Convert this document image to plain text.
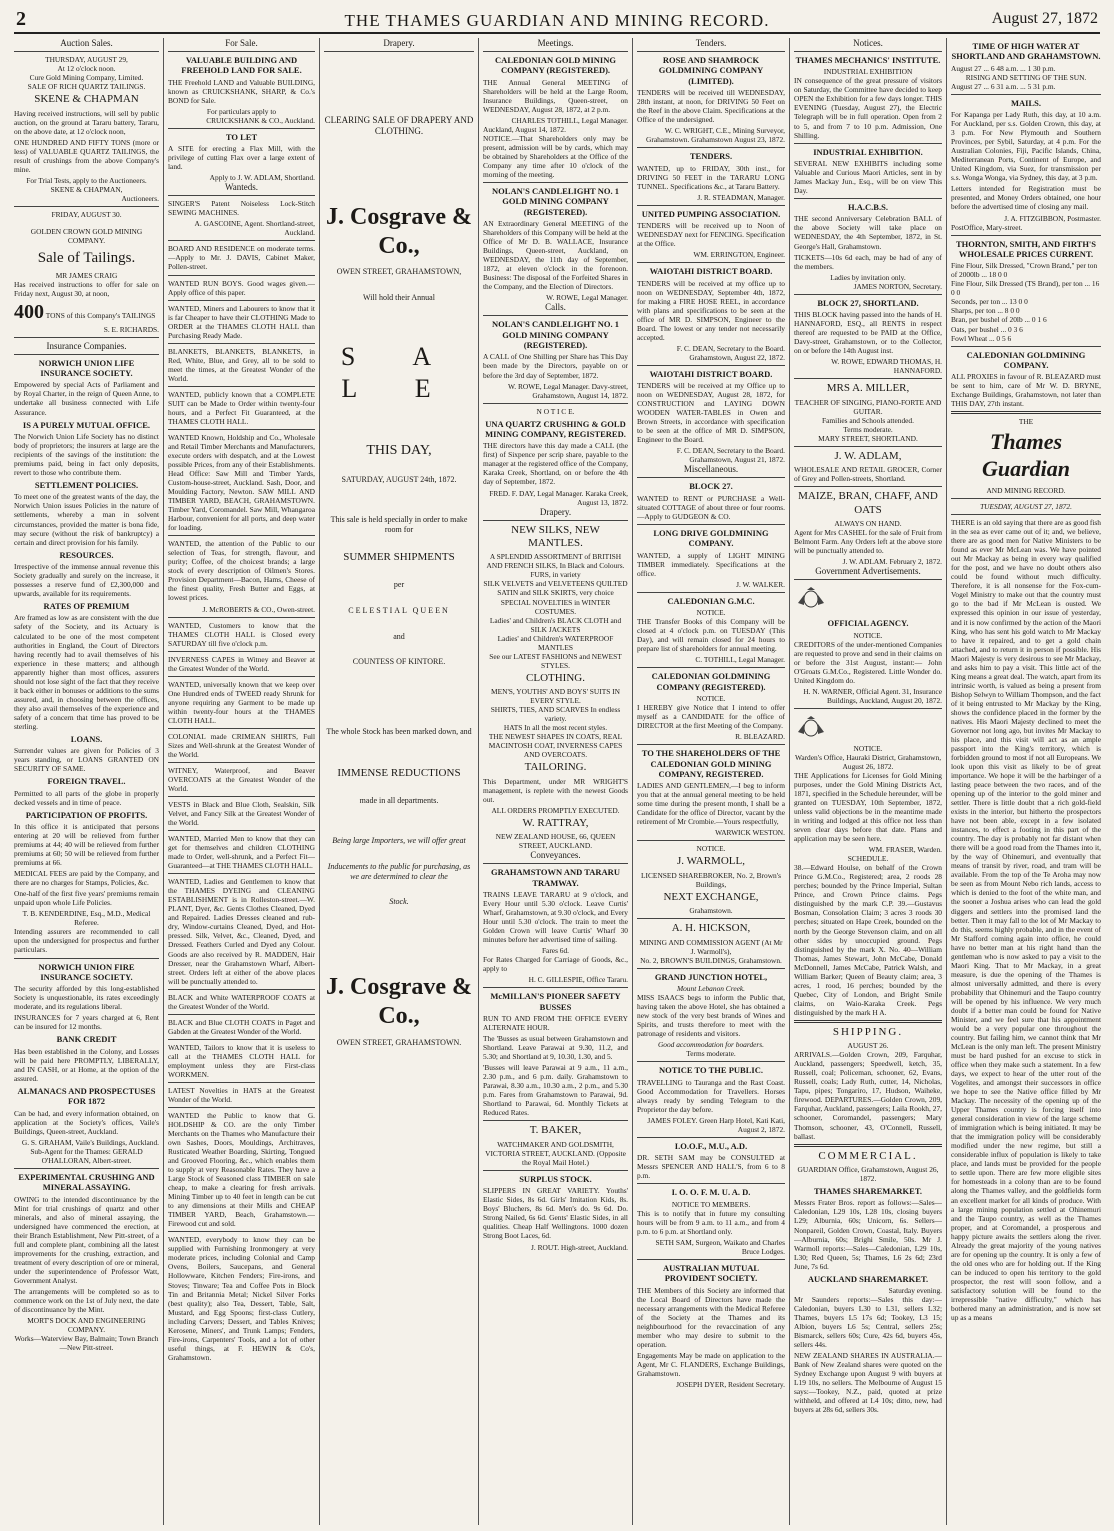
2	THE THAMES GUARDIAN AND MINING RECORD.	August 27, 1872
Auction Sales.
THURSDAY, AUGUST 29,
At 12 o'clock noon.
Cure Gold Mining Company, Limited.
SALE OF RICH QUARTZ TAILINGS.
SKENE & CHAPMAN

Having received instructions, will sell by public auction, on the ground at Tararu battery, Tararu, on the above date, at 12 o'clock noon,

ONE HUNDRED AND FIFTY TONS (more or less) of VALUABLE QUARTZ TAILINGS, the result of crushings from the above Company's mine.

For Trial Tests, apply to the Auctioneers.
SKENE & CHAPMAN,
Auctioneers.
FRIDAY, AUGUST 30.
GOLDEN CROWN GOLD MINING COMPANY.
Sale of Tailings.
MR JAMES CRAIG

Has received instructions to offer for sale on Friday next, August 30, at noon,

400 TONS of this Company's TAILINGS
S. E. RICHARDS.
Insurance Companies.
NORWICH UNION LIFE INSURANCE SOCIETY.

Empowered by special Acts of Parliament and by Royal Charter, in the reign of Queen Anne, to undertake all business connected with Life Assurance.

IS A PURELY MUTUAL OFFICE.

The Norwich Union Life Society has no distinct body of proprietors; the insurers at large are the recipients of the savings of the institution: the premiums paid, being in fact only deposits, revert to those who contribute them.

SETTLEMENT POLICIES.

To meet one of the greatest wants of the day, the Norwich Union issues Policies in the nature of settlements, whereby a man in solvent circumstances, provided the matter is bona fide, may secure (without the risk of bankruptcy) a certain and direct provision for his family.

RESOURCES.

Irrespective of the immense annual revenue this Society gradually and surely on the increase, it possesses a reserve fund of £2,300,000 and upwards, available for its requirements.

RATES OF PREMIUM

Are framed as low as are consistent with the due safety of the Society, and its Actuary is calculated to be one of the most competent authorities in England, the Court of Directors having recently had to avail themselves of his experience in these matters; and although apparently higher than most offices, assurers should not lose sight of the fact that they receive it back either in bonuses or additions to the sums assured, and, in choosing between the offices, they also avail themselves of the experience and safety of a concern that time has proved to be sterling.

LOANS.

Surrender values are given for Policies of 3 years standing, or LOANS GRANTED ON SECURITY OF SAME.

FOREIGN TRAVEL.

Permitted to all parts of the globe in properly decked vessels and in time of peace.

PARTICIPATION OF PROFITS.

In this office it is anticipated that persons entering at 20 will be relieved from further premiums at 44; 40 will be relieved from further premiums at 60; 50 will be relieved from further premiums at 66.

MEDICAL FEES are paid by the Company, and there are no charges for Stamps, Policies, &c.

One-half of the first five years' premiums remain unpaid upon whole Life Policies.

T. B. KENDERDINE, Esq., M.D., Medical Referee.

Intending assurers are recommended to call upon the undersigned for prospectus and further particulars.

NORWICH UNION FIRE INSURANCE SOCIETY.

The security afforded by this long-established Society is unquestionable, its rates exceedingly moderate, and its regulations liberal.

INSURANCES for 7 years charged at 6, Rent can be insured for 12 months.

BANK CREDIT

Has been established in the Colony, and Losses will be paid here PROMPTLY, LIBERALLY, and IN CASH, or at Home, at the option of the assured.

ALMANACS AND PROSPECTUSES FOR 1872

Can be had, and every information obtained, on application at the Society's offices, Vaile's Buildings, Queen-street, Auckland.

G. S. GRAHAM, Vaile's Buildings, Auckland.
Sub-Agent for the Thames: GERALD O'HALLORAN, Albert-street.
EXPERIMENTAL CRUSHING AND MINERAL ASSAYING.

OWING to the intended discontinuance by the Mint for trial crushings of quartz and other minerals, and also of mineral assaying, the undersigned have commenced the erection, at their Branch Establishment, New Pitt-street, of a full and complete plant, combining all the latest improvements for the crushing, extraction, and treatment of every description of ore or mineral, under the superintendence of Professor Watt, Government Analyst.

The arrangements will be completed so as to commence work on the 1st of July next, the date of discontinuance by the Mint.

MORT'S DOCK AND ENGINEERING COMPANY.
Works—Waterview Bay, Balmain; Town Branch—New Pitt-street.
For Sale.
VALUABLE BUILDING AND FREEHOLD LAND FOR SALE.

THE Freehold LAND and Valuable BUILDING, known as CRUICKSHANK, SHARP, & Co.'s BOND for Sale.

For particulars apply to
CRUICKSHANK & CO., Auckland.
TO LET

A SITE for erecting a Flax Mill, with the privilege of cutting Flax over a large extent of land.

Apply to J. W. ADLAM, Shortland.
Wanteds.

SINGER'S Patent Noiseless Lock-Stitch SEWING MACHINES.

A. GASCOINE, Agent. Shortland-street, Auckland.

BOARD AND RESIDENCE on moderate terms.—Apply to Mr. J. DAVIS, Cabinet Maker, Pollen-street.

WANTED RUN BOYS. Good wages given.—Apply office of this paper.

WANTED, Miners and Labourers to know that it is far Cheaper to have their CLOTHING Made to ORDER at the THAMES CLOTH HALL than Purchasing Ready Made.

BLANKETS, BLANKETS, BLANKETS, in Red, White, Blue, and Grey, all to be sold to meet the times, at the Greatest Wonder of the World.

WANTED, publicly known that a COMPLETE SUIT can be Made to Order within twenty-four hours, and a Perfect Fit Guaranteed, at the THAMES CLOTH HALL.

WANTED Known, Holdship and Co., Wholesale and Retail Timber Merchants and Manufacturers, execute orders with despatch, and at the Lowest possible Prices, from any of their Establishments. Head Office: Saw Mill and Timber Yards, Custom-house-street, Auckland. Sash, Door, and Moulding Factory, Newton. SAW MILL AND TIMBER YARD, BEACH, GRAHAMSTOWN. Timber Yard, Coromandel. Saw Mill, Whangaroa Harbour, convenient for all ports, and deep water for loading.

WANTED, the attention of the Public to our selection of Teas, for strength, flavour, and purity; Coffee, of the choicest brands; a large stock of every description of Oilmen's Stores. Provision Department—Bacon, Hams, Cheese of the finest quality, Fresh Butter and Eggs, at lowest prices.

J. McROBERTS & CO., Owen-street.

WANTED, Customers to know that the THAMES CLOTH HALL is Closed every SATURDAY till five o'clock p.m.

INVERNESS CAPES in Witney and Beaver at the Greatest Wonder of the World.

WANTED, universally known that we keep over One Hundred ends of TWEED ready Shrunk for anyone requiring any Garment to be made up within twenty-four hours at the THAMES CLOTH HALL.

COLONIAL made CRIMEAN SHIRTS, Full Sizes and Well-shrunk at the Greatest Wonder of the World.

WITNEY, Waterproof, and Beaver OVERCOATS at the Greatest Wonder of the World.

VESTS in Black and Blue Cloth, Sealskin, Silk Velvet, and Fancy Silk at the Greatest Wonder of the World.

WANTED, Married Men to know that they can get for themselves and children CLOTHING made to Order, well-shrunk, and a Perfect Fit—Guaranteed—at THE THAMES CLOTH HALL.

WANTED, Ladies and Gentlemen to know that the THAMES DYEING and CLEANING ESTABLISHMENT is in Rolleston-street.—W. PLANT, Dyer, &c. Gents Clothes Cleaned, Dyed and Repaired. Ladies Dresses cleaned and rub-dry, Window-curtains Cleaned, Dyed, and Hot-pressed. Silk, Velvet, &c., Cleaned, Dyed, and Dressed. Feathers Curled and Dyed any Colour. Goods are also received by R. MADDEN, Hair Dresser, near the Grahamstown Wharf, Albert-street. Orders left at either of the above places will be punctually attended to.

BLACK and White WATERPROOF COATS at the Greatest Wonder of the World.

BLACK and Blue CLOTH COATS in Paget and Gabden at the Greatest Wonder of the World.

WANTED, Tailors to know that it is useless to call at the THAMES CLOTH HALL for employment unless they are First-class WORKMEN.

LATEST Novelties in HATS at the Greatest Wonder of the World.

WANTED the Public to know that G. HOLDSHIP & CO. are the only Timber Merchants on the Thames who Manufacture their own Sashes, Doors, Mouldings, Architraves, Rusticated Weather Boarding, Skirting, Tongued and Grooved Flooring, &c., which enables them to supply at very Reasonable Rates. They have a Large Stock of Seasoned class TIMBER on sale cheap, to make a clearing for fresh arrivals. Mining Timber up to 40 feet in length can be cut to any dimensions at their Mills and CHEAP TIMBER YARD, Beach, Grahamstown.—Firewood cut and sold.

WANTED, everybody to know they can be supplied with Furnishing Ironmongery at very moderate prices, including Colonial and Camp Ovens, Boilers, Saucepans, and General Hollowware, Kitchen Fenders; Fire-irons, and Stoves; Tinware; Tea and Coffee Pots in Block Tin and Britannia Metal; Nickel Silver Forks (best quality); also Tea, Dessert, Table, Salt, Mustard, and Egg Spoons; first-class Cutlery, including Carvers; Dessert, and Tables Knives; Kerosene, Miners', and Trunk Lamps; Fenders, Fire-irons, Carpenters' Tools, and a lot of other useful things, at F. HEWIN & Co's, Grahamstown.

Drapery.
CLEARING SALE OF DRAPERY AND CLOTHING.
J. Cosgrave & Co.,
OWEN STREET, GRAHAMSTOWN,
Will hold their Annual
S A L E
THIS DAY,
SATURDAY, AUGUST 24th, 1872.
This sale is held specially in order to make room for
SUMMER SHIPMENTS
per
CELESTIAL QUEEN
and
COUNTESS OF KINTORE.
The whole Stock has been marked down, and
IMMENSE REDUCTIONS
made in all departments.
Being large Importers, we will offer great
Inducements to the public for purchasing, as we are determined to clear the
Stock.
J. Cosgrave & Co.,
OWEN STREET, GRAHAMSTOWN.
Meetings.
CALEDONIAN GOLD MINING COMPANY (REGISTERED).

THE Annual General MEETING of Shareholders will be held at the Large Room, Insurance Buildings, Queen-street, on WEDNESDAY, August 28, 1872, at 2 p.m.

CHARLES TOTHILL, Legal Manager.
Auckland, August 14, 1872.

NOTICE.—That Shareholders only may be present, admission will be by cards, which may be obtained by Shareholders at the Office of the Company any time after 10 o'clock of the morning of the meeting.

NOLAN'S CANDLELIGHT NO. 1 GOLD MINING COMPANY (REGISTERED).

AN Extraordinary General MEETING of the Shareholders of this Company will be held at the Office of Mr D. B. WALLACE, Insurance Buildings, Queen-street, Auckland, on WEDNESDAY, the 11th day of September, 1872, at eleven o'clock in the forenoon. Business: The disposal of the Forfeited Shares in the Company, and the Election of Directors.

W. ROWE, Legal Manager.
Calls.
NOLAN'S CANDLELIGHT NO. 1 GOLD MINING COMPANY (REGISTERED).

A CALL of One Shilling per Share has This Day been made by the Directors, payable on or before the 3rd day of September, 1872.

W. ROWE, Legal Manager. Davy-street, Grahamstown, August 14, 1872.
N O T I C E.
UNA QUARTZ CRUSHING & GOLD MINING COMPANY, REGISTERED.

THE directors have this day made a CALL (the first) of Sixpence per scrip share, payable to the manager at the registered office of the Company, Karaka Creek, Shortland, on or before the 4th day of September, 1872.

FRED. F. DAY, Legal Manager. Karaka Creek, August 13, 1872.
Drapery.
NEW SILKS, NEW MANTLES.
A SPLENDID ASSORTMENT of BRITISH AND FRENCH SILKS, In Black and Colours.
FURS, in variety
SILK VELVETS and VELVETEENS QUILTED SATIN and SILK SKIRTS, very choice
SPECIAL NOVELTIES in WINTER COSTUMES.
Ladies' and Children's BLACK CLOTH and SILK JACKETS
Ladies' and Children's WATERPROOF MANTLES
See our LATEST FASHIONS and NEWEST STYLES.
CLOTHING.
MEN'S, YOUTHS' AND BOYS' SUITS IN EVERY STYLE.
SHIRTS, TIES, AND SCARVES In endless variety.
HATS In all the most recent styles.
THE NEWEST SHAPES IN COATS, REAL MACINTOSH COAT, INVERNESS CAPES AND OVERCOATS.
TAILORING.

This Department, under MR WRIGHT'S management, is replete with the newest Goods out.

ALL ORDERS PROMPTLY EXECUTED.
W. RATTRAY,
NEW ZEALAND HOUSE, 66, QUEEN STREET, AUCKLAND.
Conveyances.
GRAHAMSTOWN AND TARARU TRAMWAY.

TRAINS LEAVE TARARU at 9 o'clock, and Every Hour until 5.30 o'clock. Leave Curtis' Wharf, Grahamstown, at 9.30 o'clock, and Every Hour until 5.30 o'clock. The train to meet the Golden Crown will leave Curtis' Wharf 30 minutes before her advertised time of sailing.

Fares 6d.

For Rates Charged for Carriage of Goods, &c., apply to

H. C. GILLESPIE, Office Tararu.
McMILLAN'S PIONEER SAFETY BUSSES

RUN TO AND FROM THE OFFICE EVERY ALTERNATE HOUR.

The 'Busses as usual between Grahamstown and Shortland. Leave Parawai at 9.30, 11.2, and 5.30; and Shortland at 9, 10.30, 1.30, and 5.

'Busses will leave Parawai at 9 a.m., 11 a.m., 2.30 p.m., and 6 p.m. daily. Grahamstown to Parawai, 8.30 a.m., 10.30 a.m., 2 p.m., and 5.30 p.m. Fares from Grahamstown to Parawai, 9d. Shortland to Parawai, 6d. Monthly Tickets at Reduced Rates.

T. BAKER,
WATCHMAKER AND GOLDSMITH,
VICTORIA STREET, AUCKLAND. (Opposite the Royal Mail Hotel.)
SURPLUS STOCK.

SLIPPERS IN GREAT VARIETY. Youths' Elastic Sides, 8s 6d. Girls' Imitation Kids, 8s. Boys' Bluchers, 8s 6d. Men's do. 9s 6d. Do. Strong Nailed, 6s 6d. Gents' Elastic Sides, in all qualities. Cheap Half Wellingtons. 1000 dozen Strong Boot Laces, 6d.

J. ROUT. High-street, Auckland.
Tenders.
ROSE AND SHAMROCK GOLDMINING COMPANY (LIMITED).

TENDERS will be received till WEDNESDAY, 28th instant, at noon, for DRIVING 50 Feet on the Reef in the above Claim. Specifications at the Office of the undersigned.

W. C. WRIGHT, C.E., Mining Surveyor, Grahamstown. Grahamstown August 23, 1872.
TENDERS.

WANTED, up to FRIDAY, 30th inst., for DRIVING 50 FEET in the TARARU LONG TUNNEL. Specifications &c., at Tararu Battery.

J. R. STEADMAN, Manager.
UNITED PUMPING ASSOCIATION.

TENDERS will be received up to Noon of WEDNESDAY next for FENCING. Specification at the Office.

WM. ERRINGTON, Engineer.
WAIOTAHI DISTRICT BOARD.

TENDERS will be received at my office up to noon on WEDNESDAY, September 4th, 1872, for making a FIRE HOSE REEL, in accordance with plans and specifications to be seen at the office of MR D. SIMPSON, Engineer to the Board. The lowest or any tender not necessarily accepted.

F. C. DEAN, Secretary to the Board. Grahamstown, August 22, 1872.
WAIOTAHI DISTRICT BOARD.

TENDERS will be received at my Office up to noon on WEDNESDAY, August 28, 1872, for CONSTRUCTION and LAYING DOWN WOODEN WATER-TABLES in Owen and Brown Streets, in accordance with specification to be seen at the office of MR D. SIMPSON, Engineer to the Board.

F. C. DEAN, Secretary to the Board. Grahamstown, August 21, 1872.
Miscellaneous.
BLOCK 27.

WANTED to RENT or PURCHASE a Well-situated COTTAGE of about three or four rooms.—Apply to GUDGEON & CO.

LONG DRIVE GOLDMINING COMPANY.

WANTED, a supply of LIGHT MINING TIMBER immediately. Specifications at the office.

J. W. WALKER.
CALEDONIAN G.M.C.
NOTICE.

THE Transfer Books of this Company will be closed at 4 o'clock p.m. on TUESDAY (This Day), and will remain closed for 24 hours to prepare list of shareholders for annual meeting.

C. TOTHILL, Legal Manager.
CALEDONIAN GOLDMINING COMPANY (REGISTERED).
NOTICE.

I HEREBY give Notice that I intend to offer myself as a CANDIDATE for the office of DIRECTOR at the first Meeting of the Company.

R. BLEAZARD.
TO THE SHAREHOLDERS OF THE CALEDONIAN GOLD MINING COMPANY, REGISTERED.

LADIES AND GENTLEMEN,—I beg to inform you that at the annual general meeting to be held some time during the present month, I shall be a Candidate for the office of Director, vacant by the retirement of Mr Crombie.—Yours respectfully,

WARWICK WESTON.
NOTICE.
J. WARMOLL,
LICENSED SHAREBROKER, No. 2, Brown's Buildings,
NEXT EXCHANGE,
Grahamstown.
A. H. HICKSON,
MINING AND COMMISSION AGENT (At Mr J. Warmoll's),
No. 2, BROWN'S BUILDINGS, Grahamstown.
GRAND JUNCTION HOTEL,
Mount Lebanon Creek.

MISS ISAACS begs to inform the Public that, having taken the above Hotel, she has obtained a new stock of the very best brands of Wines and Spirits, and trusts therefore to meet with the patronage of residents and visitors.

Good accommodation for boarders.
Terms moderate.
NOTICE TO THE PUBLIC.

TRAVELLING to Tauranga and the Rast Coast. Good Accommodation for Travellers. Horses always ready by sending Telegram to the Proprietor the day before.

JAMES FOLEY. Green Harp Hotel, Kati Kati, August 2, 1872.
I.O.O.F., M.U., A.D.

DR. SETH SAM may be CONSULTED at Messrs SPENCER AND HALL'S, from 6 to 8 p.m.

I. O. O. F. M. U. A. D.
NOTICE TO MEMBERS.

This is to notify that in future my consulting hours will be from 9 a.m. to 11 a.m., and from 4 p.m. to 6 p.m. at Shortland only.

SETH SAM, Surgeon, Waikato and Charles Bruce Lodges.
AUSTRALIAN MUTUAL PROVIDENT SOCIETY.

THE Members of this Society are informed that the Local Board of Directors have made the necessary arrangements with the Medical Referee of the Society at the Thames and its neighbourhood for the revaccination of any member who may desire to submit to the operation.

Engagements May be made on application to the Agent, Mr C. FLANDERS, Exchange Buildings, Grahamstown.

JOSEPH DYER, Resident Secretary.
Notices.
THAMES MECHANICS' INSTITUTE.
INDUSTRIAL EXHIBITION

IN consequence of the great pressure of visitors on Saturday, the Committee have decided to keep OPEN the Exhibition for a few days longer. THIS EVENING (Tuesday, August 27), the Electric Telegraph will be in full operation. Open from 2 to 5, and from 7 to 10 p.m. Admission, One Shilling.

INDUSTRIAL EXHIBITION.

SEVERAL NEW EXHIBITS including some Valuable and Curious Maori Articles, sent in by James Mackay Jun., Esq., will be on view This Day.

H.A.C.B.S.

THE second Anniversary Celebration BALL of the above Society will take place on WEDNESDAY, the 4th September, 1872, in St. George's Hall, Grahamstown.

TICKETS—10s 6d each, may be had of any of the members.

Ladies by invitation only.
JAMES NORTON, Secretary.
BLOCK 27, SHORTLAND.

THIS BLOCK having passed into the hands of H. HANNAFORD, ESQ., all RENTS in respect thereof are requested to be PAID at the Office, Davy-street, Grahamstown, or to the Collector, on or before the 14th August inst.

W. ROWE, EDWARD THOMAS, H. HANNAFORD.
MRS A. MILLER,
TEACHER OF SINGING, PIANO-FORTE AND GUITAR.
Families and Schools attended.
Terms moderate.
MARY STREET, SHORTLAND.
J. W. ADLAM,

WHOLESALE AND RETAIL GROCER, Corner of Grey and Pollen-streets, Shortland.

MAIZE, BRAN, CHAFF, AND OATS
ALWAYS ON HAND.

Agent for Mrs CASHEL for the sale of Fruit from Belmont Farm. Any Orders left at the above store will be punctually attended to.

J. W. ADLAM. February 2, 1872.
Government Advertisements.
OFFICIAL AGENCY.
NOTICE.

CREDITORS of the under-mentioned Companies are requested to prove and send in their claims on or before the 31st August, instant:— John O'Groats G.M.Co., Registered. Little Wonder do. United Kingdom do.

H. N. WARNER, Official Agent. 31, Insurance Buildings, Auckland, August 20, 1872.
NOTICE.
Warden's Office, Hauraki District, Grahamstown, August 26, 1872.

THE Applications for Licenses for Gold Mining purposes, under the Gold Mining Districts Act, 1871, specified in the Schedule hereunder, will be granted on TUESDAY, 10th September, 1872, unless valid objections be in the meantime made in writing and lodged at this office not less than seven clear days before that date. Plans and application may be seen here.

WM. FRASER, Warden.
SCHEDULE.

38.—Edward Houlse, on behalf of the Crown Prince G.M.Co., Registered; area, 2 roods 28 perches; bounded by the Prince Imperial, Sultan Prince, and Crown Prince claims. Pegs distinguished by the mark C.P. 39.—Gustavus Bosman, Consolation Claim; 3 acres 3 roods 30 perches; situated on Hape Creek, bounded on the north by the George Stevenson claim, and on all other sides by unoccupied ground. Pegs distinguished by the mark X. No. 40—William Thomas, James Stewart, John McCabe, Donald McDonnell, James McCabe, Patrick Walsh, and William Barker; Queen of Beauty claim; area, 3 acres, 1 rood, 16 perches; bounded by the Quebec, City of London, and Bright Smile claims, on Waio-Karaka Creek. Pegs distinguished by the mark H A.

SHIPPING.
AUGUST 26.

ARRIVALS.—Golden Crown, 209, Farquhar, Auckland, passengers; Speedwell, ketch, 35, Russell, coal; Policeman, schooner, 62, Evans, Russell, coals; Lady Ruth, cutter, 14, Nicholas, Tapu, pipes; Tongariro, 17, Hudson, Waiheke, firewood. DEPARTURES.—Golden Crown, 209, Farquhar, Auckland, passengers; Laila Rookh, 27, schooner, Coromandel, passengers; Mary Thomson, schooner, 43, O'Connell, Russell, ballast.

COMMERCIAL.
GUARDIAN Office, Grahamstown, August 26, 1872.
THAMES SHAREMARKET.

Messrs Frater Bros. report as follows:—Sales—Caledonian, L29 10s, L28 10s, closing buyers L29; Alburnia, 60s; Unicorn, 6s. Sellers—Nonpareil, Golden Crown, Coastal, Italy. Buyers—Alburnia, 60s; Brighi Smile, 50s. Mr J. Warmoll reports:—Sales—Caledonian, L29 10s, L30; Red Queen, 5s; Thames, L6 2s 6d; 23rd June, 7s 6d.

AUCKLAND SHAREMARKET.
Saturday evening.

Mr Saunders reports:—Sales this day:—Caledonian, buyers L30 to L31, sellers L32; Thames, buyers L5 17s 6d; Tookey, L3 15; Albion, buyers L6 5s; Central, sellers 25s; Bismarck, sellers 60s; Cure, 42s 6d, buyers 45s, sellers 44s.

NEW ZEALAND SHARES IN AUSTRALIA.—Bank of New Zealand shares were quoted on the Sydney Exchange upon August 9 with buyers at L19 10s, no sellers. The Melbourne of August 15 says:—Tookey, N.Z., paid, quoted at prize withheld, and offered at L4 10s; ditto, new, had buyers at 28s 6d, sellers 30s.

TIME OF HIGH WATER AT SHORTLAND AND GRAHAMSTOWN.
August 27 ... 6 48 a.m. ... 1 30 p.m.
RISING AND SETTING OF THE SUN.
August 27 ... 6 31 a.m. ... 5 31 p.m.
MAILS.

For Kapanga per Lady Ruth, this day, at 10 a.m. For Auckland, per s.s. Golden Crown, this day, at 3 p.m. For New Plymouth and Southern Provinces, per Sybil, Saturday, at 4 p.m. For the Australian Colonies, Fiji, Pacific Islands, China, Mediterranean Ports, Continent of Europe, and United Kingdom, via Suez, for transmission per s.s. Wonga Wonga, via Sydney, this day, at 3 p.m.

Letters intended for Registration must be presented, and Money Orders obtained, one hour before the advertised time of closing any mail.

J. A. FITZGIBBON, Postmaster.
PostOffice, Mary-street.
THORNTON, SMITH, AND FIRTH'S WHOLESALE PRICES CURRENT.
Fine Flour, Silk Dressed, "Crown Brand," per ton of 2000lb ... 18 0 0
Fine Flour, Silk Dressed (TS Brand), per ton ... 16 0 0
Seconds, per ton ... 13 0 0
Sharps, per ton ... 8 0 0
Bran, per bushel of 20lb ... 0 1 6
Oats, per bushel ... 0 3 6
Fowl Wheat ... 0 5 6
CALEDONIAN GOLDMINING COMPANY.

ALL PROXIES in favour of R. BLEAZARD must be sent to him, care of Mr W. D. BRYNE, Exchange Buildings, Grahamstown, not later than THIS DAY, 27th instant.

THE
Thames Guardian
AND MINING RECORD.
TUESDAY, AUGUST 27, 1872.

THERE is an old saying that there are as good fish in the sea as ever came out of it; and, we believe, there are as good men for Native Ministers to be found as ever Mr McLean was. We have pointed out Mr Mackay as being in every way qualified for the post, and we have no doubt others also could be found without much difficulty. Therefore, it is all nonsense for the Fox-cum-Vogel Ministry to make out that the country must go to the bad if Mr McLean is ousted. We expressed this opinion in our issue of yesterday, and it is now confirmed by the action of the Maori King, who has sent his gold watch to Mr Mackay to have it repaired, and to get a gold chain attached, and to return it in person if possible. His Maori Majesty is very desirous to see Mr Mackay, and asks him to pay a visit. This little act of the King means a great deal. The watch, apart from its intrinsic worth, is valued as being a present from Bishop Selwyn to William Thompson, and the fact of it being entrusted to Mr Mackay by the King, shows the confidence placed in the former by the natives. His Maori Majesty declined to meet the Governor not long ago, but invites Mr Mackay to his place, and this visit will act as an ample passport into the King's territory, which is forbidden ground to most if not all Europeans. We look upon this visit as likely to be of great importance. We hope it will be the harbinger of a lasting peace between the two races, and of the opening up of the interior to the gold miner and settler. There is little doubt that a rich gold-field exists in the interior, but hitherto the prospectors have not been able, except in a few isolated instances, to effect a footing in this part of the country. The day is probably not far distant when there will be a good road from the Thames into it, by the way of Ohinemuri, and eventually that means of transit by river, road, and tram will be available. From the top of the Te Aroha may now be seen as from Mount Nebo rich lands, access to which is denied to the foot of the white man, and the sooner a Joshua arises who can lead the gold diggers and settlers into the promised land the better. Then it may fall to the lot of Mr Mackay to do this, seems highly probable, and in the event of Mr Stafford coming again into office, he could have no better man at his right hand than the gentleman who is now asked to pay a visit to the Maori King. That to Mr Mackay, in a great measure, is due the opening of the Thames is almost universally admitted, and there is every probability that Ohinemuri and the Taupo country will be opened by his influence. We very much doubt if a better man could be found for Native Minister, and we feel sure that his appointment would be a very popular one throughout the country. But failing him, we cannot think that Mr McLean is the only man left. The present Ministry must be hard pushed for an excuse to stick in office when they make such a statement. In a few days, we expect to hear of the utter rout of the Vogelites, and amongst their successors in office we hope to see the Native office filled by Mr Mackay. The necessity of the opening up of the Upper Thames country is forcing itself into general consideration in view of the large scheme of immigration which is being initiated. It may be that the immigration policy will be considerably modified under the new regime, but still a considerable influx of population is likely to take place, and lands must be provided for the people to settle upon. There are few more eligible sites for homesteads in a colony than are to be found along the Thames valley, and the goldfields form an excellent market for all kinds of produce. With a large mining population settled at Ohinemuri and the Taupo country, as well as the Thames proper, and at Coromandel, a prosperous and happy picture awaits the settlers along the river. Already the great majority of the young natives are for opening up the country. It is only a few of the old ones who are for holding out. If the King can be induced to open his territory to the gold prospector, the rest will soon follow, and a satisfactory solution will be found to the irrepressible "native difficulty," which has bothered many an administration, and is now set up as a means
